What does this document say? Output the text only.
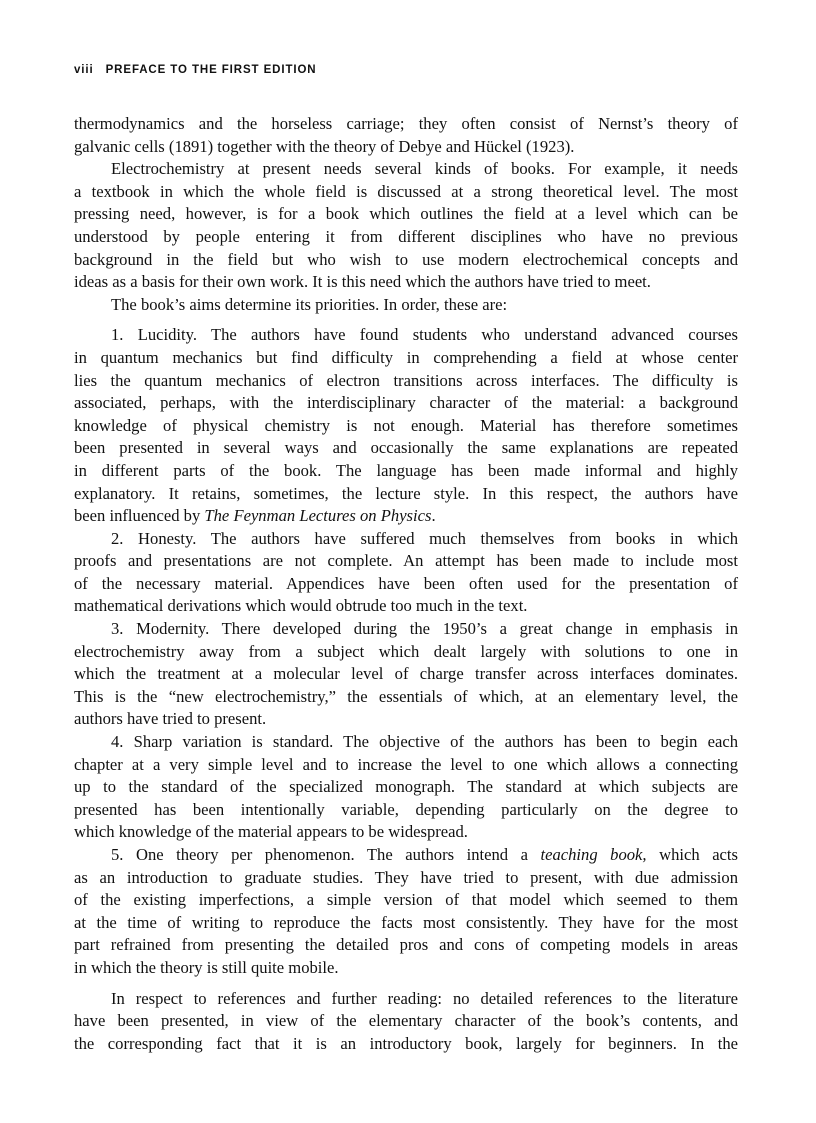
viii PREFACE TO THE FIRST EDITION
thermodynamics and the horseless carriage; they often consist of Nernst’s theory of
galvanic cells (1891) together with the theory of Debye and Hückel (1923).
Electrochemistry at present needs several kinds of books. For example, it needs
a textbook in which the whole field is discussed at a strong theoretical level. The most
pressing need, however, is for a book which outlines the field at a level which can be
understood by people entering it from different disciplines who have no previous
background in the field but who wish to use modern electrochemical concepts and
ideas as a basis for their own work. It is this need which the authors have tried to meet.
The book’s aims determine its priorities. In order, these are:
1. Lucidity. The authors have found students who understand advanced courses
in quantum mechanics but find difficulty in comprehending a field at whose center
lies the quantum mechanics of electron transitions across interfaces. The difficulty is
associated, perhaps, with the interdisciplinary character of the material: a background
knowledge of physical chemistry is not enough. Material has therefore sometimes
been presented in several ways and occasionally the same explanations are repeated
in different parts of the book. The language has been made informal and highly
explanatory. It retains, sometimes, the lecture style. In this respect, the authors have
been influenced by The Feynman Lectures on Physics.
2. Honesty. The authors have suffered much themselves from books in which
proofs and presentations are not complete. An attempt has been made to include most
of the necessary material. Appendices have been often used for the presentation of
mathematical derivations which would obtrude too much in the text.
3. Modernity. There developed during the 1950’s a great change in emphasis in
electrochemistry away from a subject which dealt largely with solutions to one in
which the treatment at a molecular level of charge transfer across interfaces dominates.
This is the “new electrochemistry,” the essentials of which, at an elementary level, the
authors have tried to present.
4. Sharp variation is standard. The objective of the authors has been to begin each
chapter at a very simple level and to increase the level to one which allows a connecting
up to the standard of the specialized monograph. The standard at which subjects are
presented has been intentionally variable, depending particularly on the degree to
which knowledge of the material appears to be widespread.
5. One theory per phenomenon. The authors intend a teaching book, which acts
as an introduction to graduate studies. They have tried to present, with due admission
of the existing imperfections, a simple version of that model which seemed to them
at the time of writing to reproduce the facts most consistently. They have for the most
part refrained from presenting the detailed pros and cons of competing models in areas
in which the theory is still quite mobile.
In respect to references and further reading: no detailed references to the literature
have been presented, in view of the elementary character of the book’s contents, and
the corresponding fact that it is an introductory book, largely for beginners. In the
